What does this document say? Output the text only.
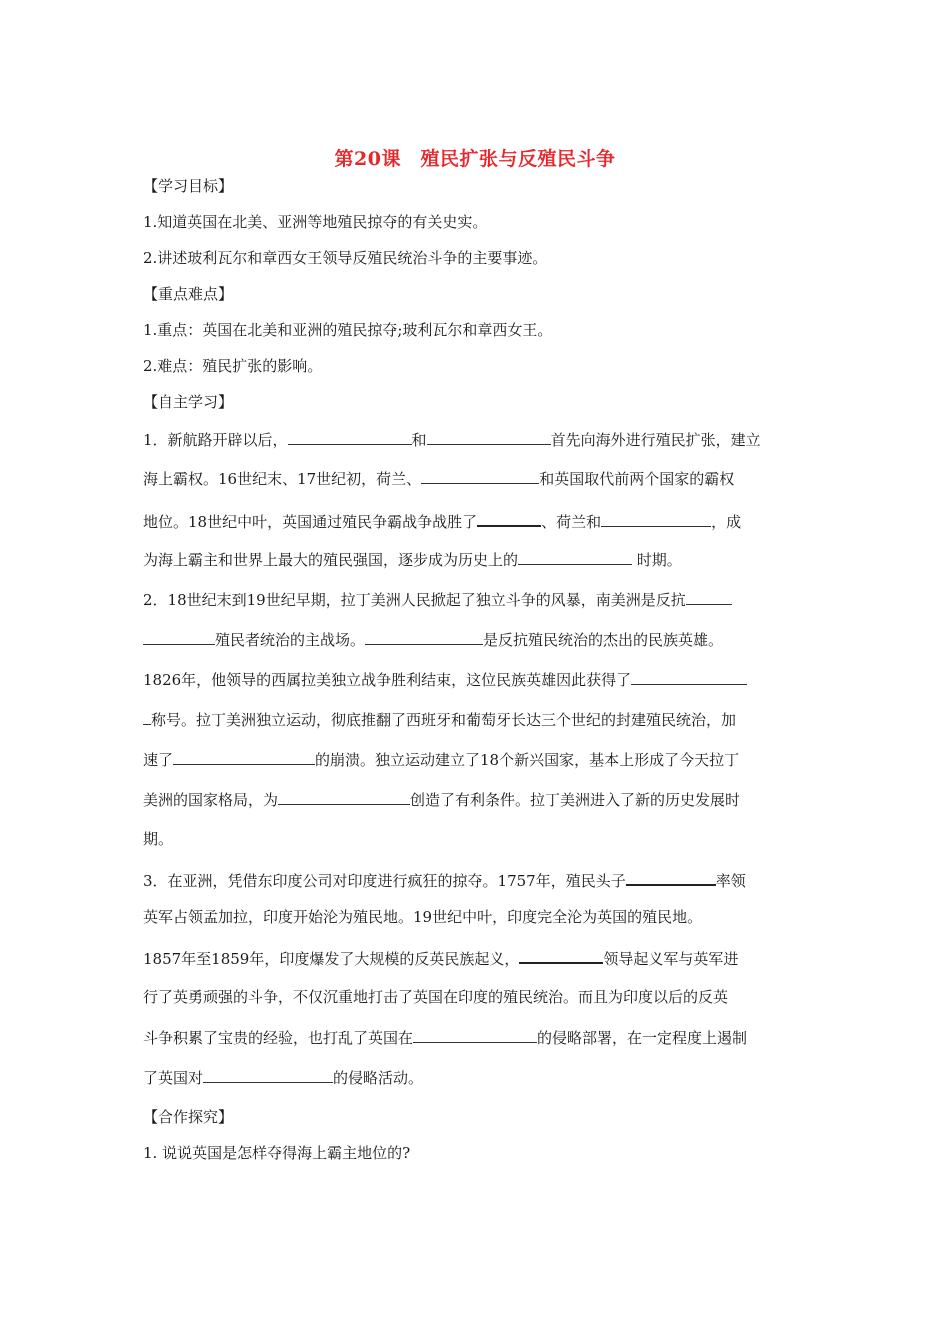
第20课　殖民扩张与反殖民斗争
【学习目标】
1.知道英国在北美、亚洲等地殖民掠夺的有关史实。
2.讲述玻利瓦尔和章西女王领导反殖民统治斗争的主要事迹。
【重点难点】
1.重点：英国在北美和亚洲的殖民掠夺;玻利瓦尔和章西女王。
2.难点：殖民扩张的影响。
【自主学习】
1．新航路开辟以后，	和	首先向海外进行殖民扩张，建立
海上霸权。16世纪末、17世纪初，荷兰、	和英国取代前两个国家的霸权
地位。18世纪中叶，英国通过殖民争霸战争战胜了	、荷兰和	，成
为海上霸主和世界上最大的殖民强国，逐步成为历史上的	时期。
2．18世纪末到19世纪早期，拉丁美洲人民掀起了独立斗争的风暴，南美洲是反抗
殖民者统治的主战场。	是反抗殖民统治的杰出的民族英雄。
1826年，他领导的西属拉美独立战争胜利结束，这位民族英雄因此获得了
称号。拉丁美洲独立运动，彻底推翻了西班牙和葡萄牙长达三个世纪的封建殖民统治，加
速了	的崩溃。独立运动建立了18个新兴国家，基本上形成了今天拉丁
美洲的国家格局，为	创造了有利条件。拉丁美洲进入了新的历史发展时
期。
3．在亚洲，凭借东印度公司对印度进行疯狂的掠夺。1757年，殖民头子	率领
英军占领孟加拉，印度开始沦为殖民地。19世纪中叶，印度完全沦为英国的殖民地。
1857年至1859年，印度爆发了大规模的反英民族起义，	领导起义军与英军进
行了英勇顽强的斗争，不仅沉重地打击了英国在印度的殖民统治。而且为印度以后的反英
斗争积累了宝贵的经验，也打乱了英国在	的侵略部署，在一定程度上遏制
了英国对	的侵略活动。
【合作探究】
1. 说说英国是怎样夺得海上霸主地位的?
